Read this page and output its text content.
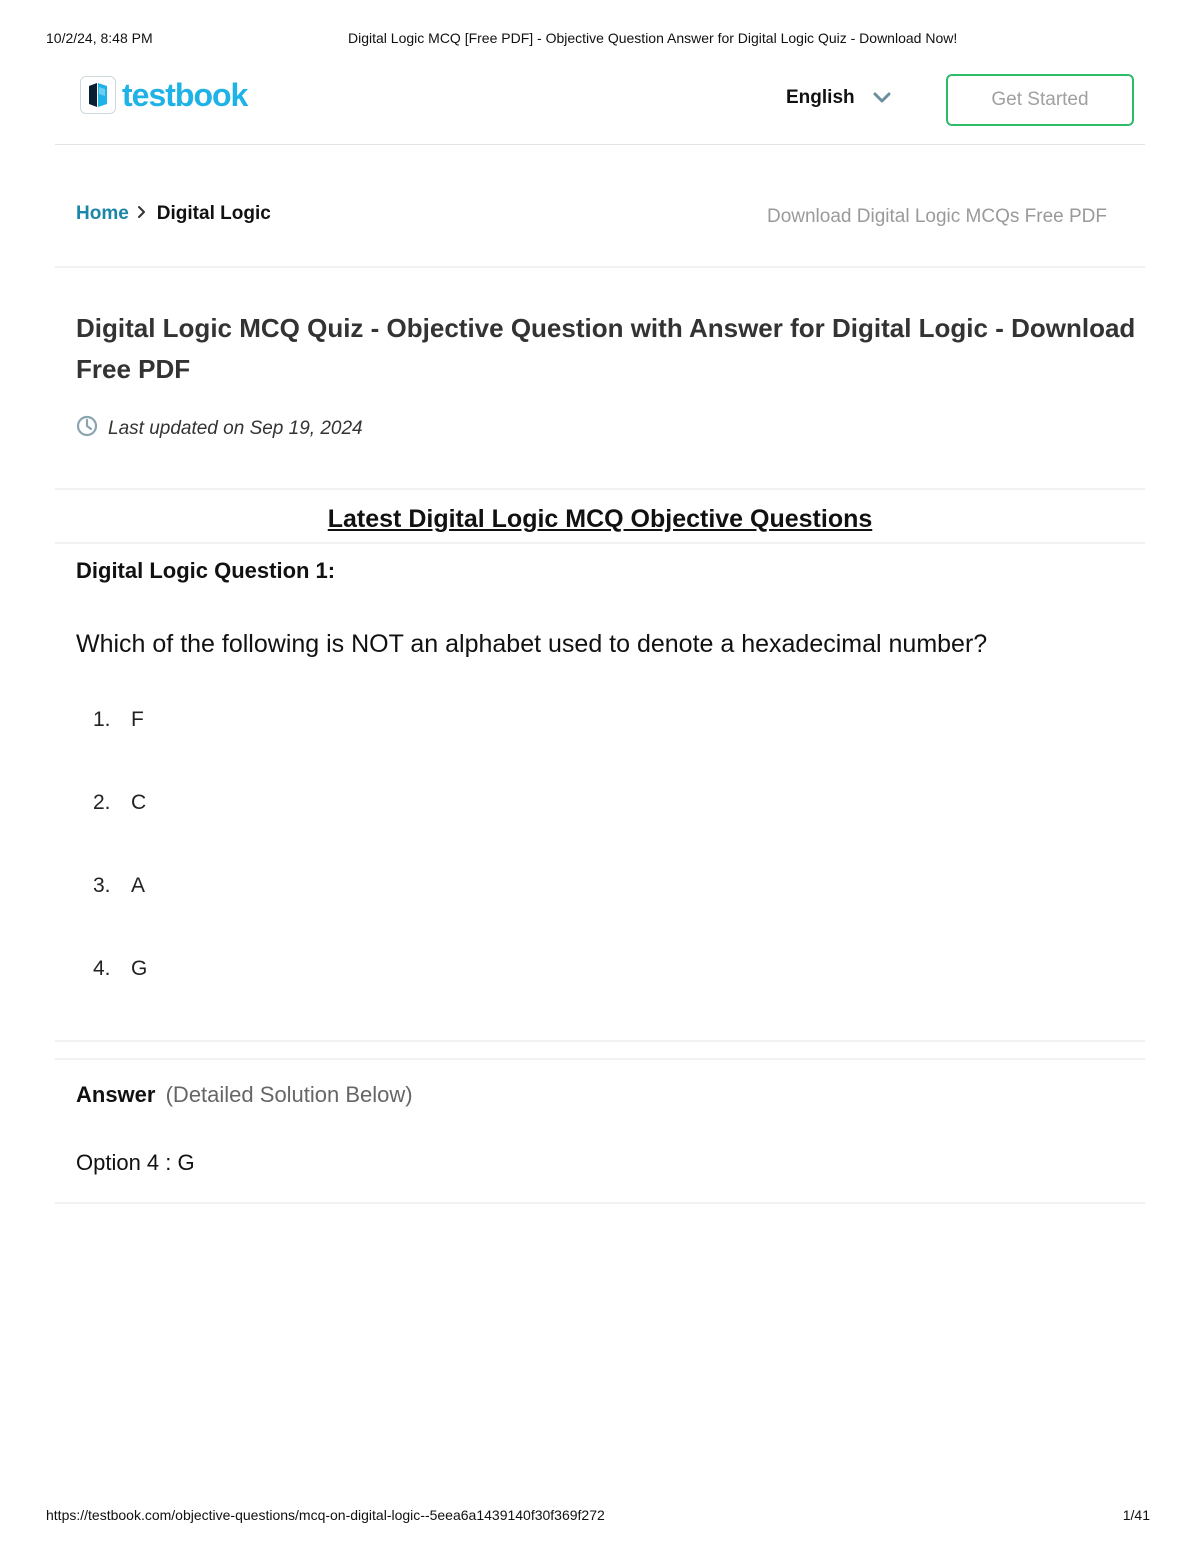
10/2/24, 8:48 PM	Digital Logic MCQ [Free PDF] - Objective Question Answer for Digital Logic Quiz - Download Now!
testbook	English	Get Started
Home Digital Logic	Download Digital Logic MCQs Free PDF
Digital Logic MCQ Quiz - Objective Question with Answer for Digital Logic - Download Free PDF
Last updated on Sep 19, 2024
Latest Digital Logic MCQ Objective Questions
Digital Logic Question 1:
Which of the following is NOT an alphabet used to denote a hexadecimal number?
1. F
2. C
3. A
4. G
Answer (Detailed Solution Below)
Option 4 : G
https://testbook.com/objective-questions/mcq-on-digital-logic--5eea6a1439140f30f369f272	1/41
